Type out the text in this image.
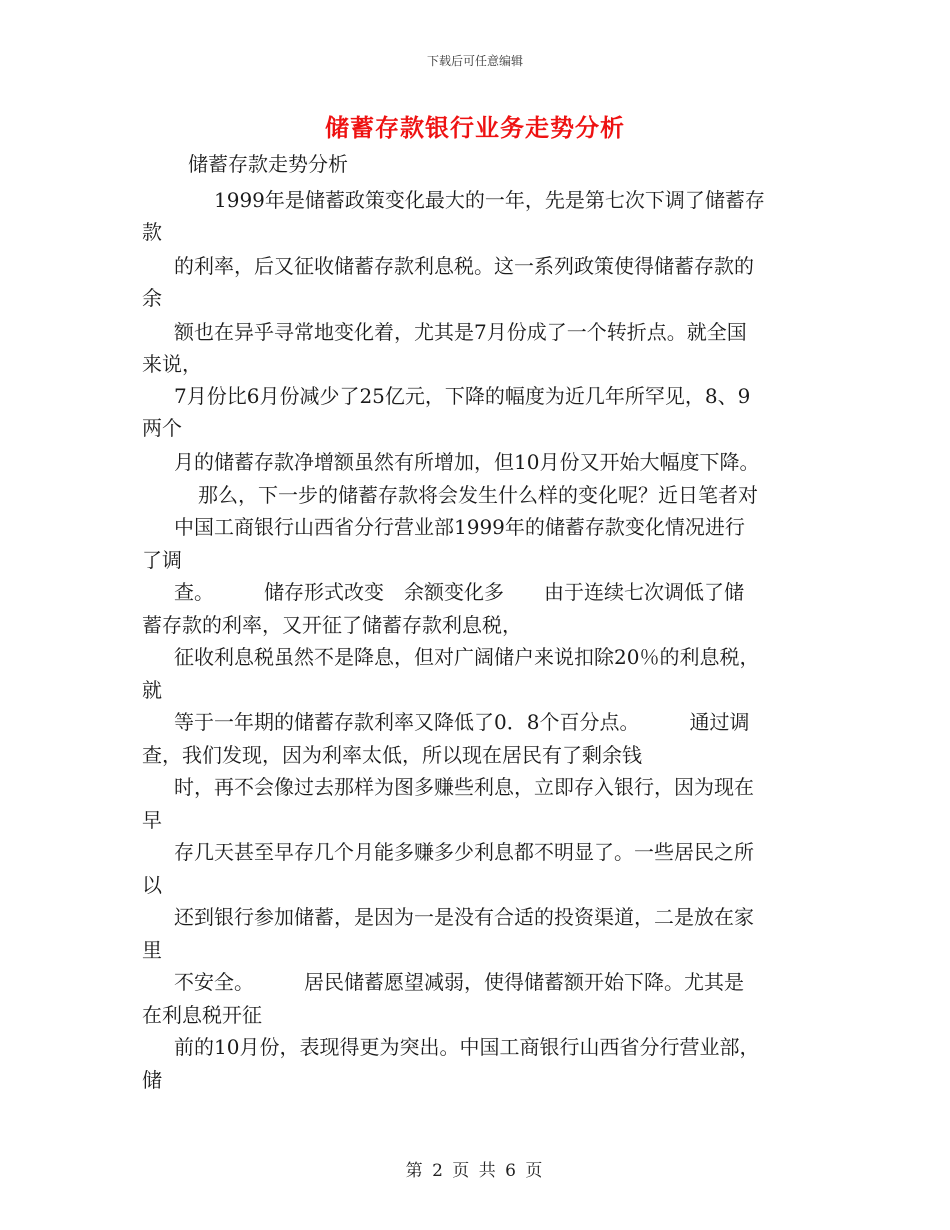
下载后可任意编辑
储蓄存款银行业务走势分析
储蓄存款走势分析
1999年是储蓄政策变化最大的一年，先是第七次下调了储蓄存
款
的利率，后又征收储蓄存款利息税。这一系列政策使得储蓄存款的
余
额也在异乎寻常地变化着，尤其是7月份成了一个转折点。就全国
来说，
7月份比6月份减少了25亿元，下降的幅度为近几年所罕见，8、9
两个
月的储蓄存款净增额虽然有所增加，但10月份又开始大幅度下降。
那么，下一步的储蓄存款将会发生什么样的变化呢？近日笔者对
中国工商银行山西省分行营业部1999年的储蓄存款变化情况进行
了调
查。　　　储存形式改变　余额变化多　　由于连续七次调低了储
蓄存款的利率，又开征了储蓄存款利息税，
征收利息税虽然不是降息，但对广阔储户来说扣除20％的利息税，
就
等于一年期的储蓄存款利率又降低了0．8个百分点。　　　通过调
查，我们发现，因为利率太低，所以现在居民有了剩余钱
时，再不会像过去那样为图多赚些利息，立即存入银行，因为现在
早
存几天甚至早存几个月能多赚多少利息都不明显了。一些居民之所
以
还到银行参加储蓄，是因为一是没有合适的投资渠道，二是放在家
里
不安全。　　　居民储蓄愿望减弱，使得储蓄额开始下降。尤其是
在利息税开征
前的10月份，表现得更为突出。中国工商银行山西省分行营业部，
储
第 2 页 共 6 页
